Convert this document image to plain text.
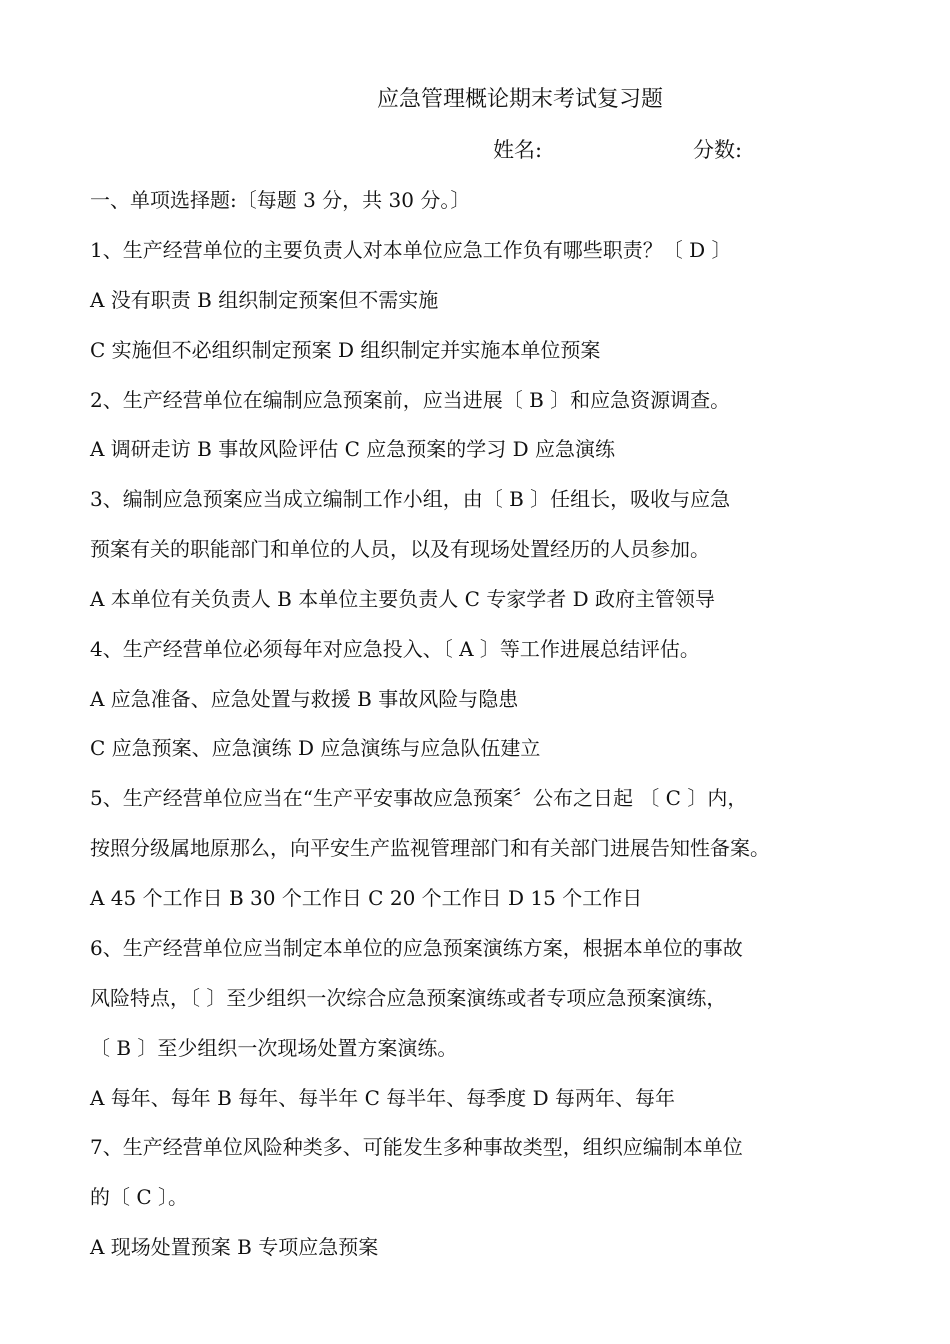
应急管理概论期末考试复习题
姓名:	分数:
一、单项选择题:〔每题 3 分，共 30 分。〕
1、生产经营单位的主要负责人对本单位应急工作负有哪些职责？〔 D 〕
A 没有职责 B 组织制定预案但不需实施
C 实施但不必组织制定预案 D 组织制定并实施本单位预案
2、生产经营单位在编制应急预案前，应当进展〔 B 〕和应急资源调查。
A 调研走访 B 事故风险评估 C 应急预案的学习 D 应急演练
3、编制应急预案应当成立编制工作小组，由〔 B 〕任组长，吸收与应急
预案有关的职能部门和单位的人员，以及有现场处置经历的人员参加。
A 本单位有关负责人 B 本单位主要负责人 C 专家学者 D 政府主管领导
4、生产经营单位必须每年对应急投入、〔 A 〕等工作进展总结评估。
A 应急准备、应急处置与救援 B 事故风险与隐患
C 应急预案、应急演练 D 应急演练与应急队伍建立
5、生产经营单位应当在“生产平安事故应急预案〞公布之日起 〔 C 〕内，
按照分级属地原那么，向平安生产监视管理部门和有关部门进展告知性备案。
A 45 个工作日 B 30 个工作日 C 20 个工作日 D 15 个工作日
6、生产经营单位应当制定本单位的应急预案演练方案，根据本单位的事故
风险特点，〔 〕至少组织一次综合应急预案演练或者专项应急预案演练，
〔 B 〕至少组织一次现场处置方案演练。
A 每年、每年 B 每年、每半年 C 每半年、每季度 D 每两年、每年
7、生产经营单位风险种类多、可能发生多种事故类型，组织应编制本单位
的〔 C 〕。
A 现场处置预案 B 专项应急预案
